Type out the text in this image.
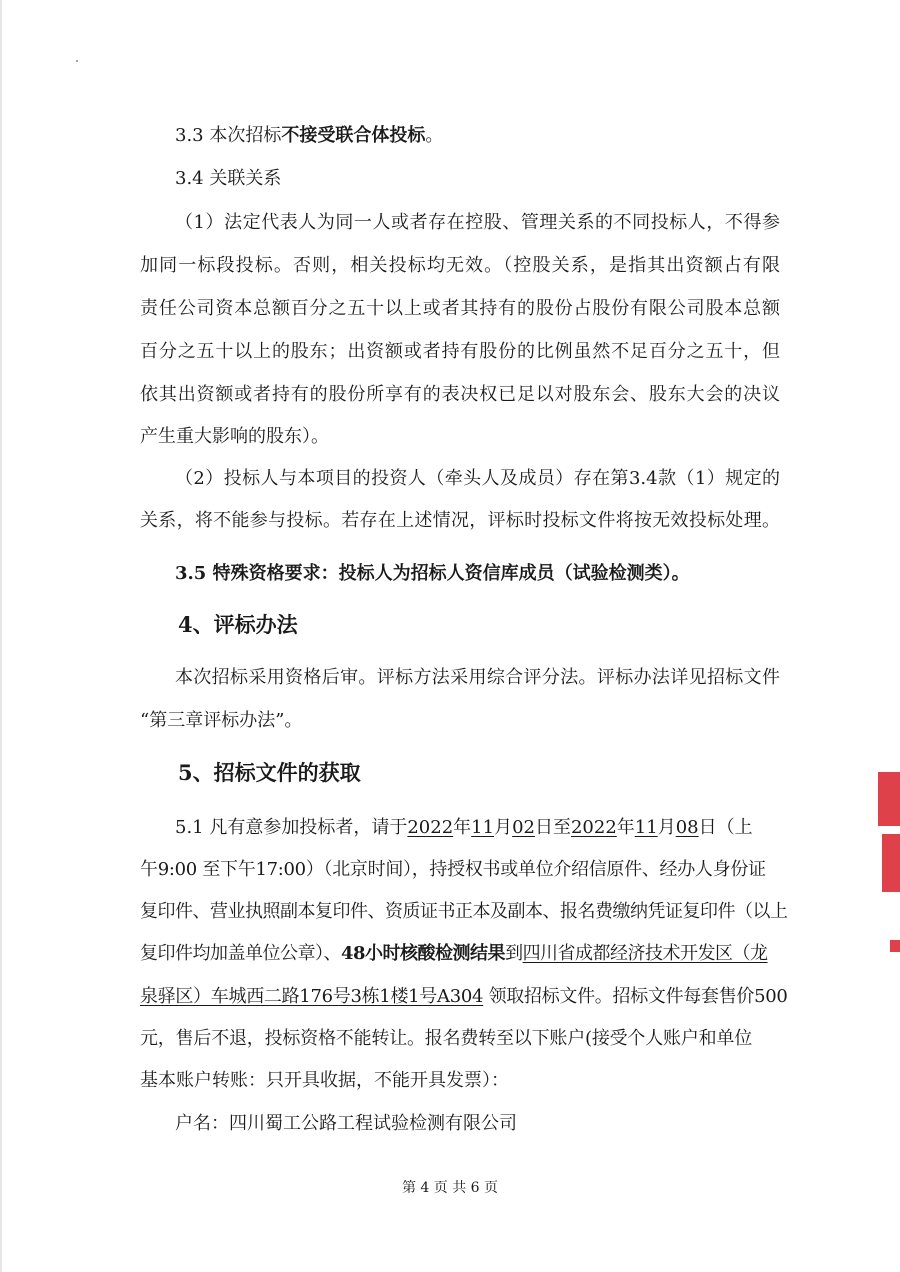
3.3 本次招标不接受联合体投标。
3.4 关联关系
（1）法定代表人为同一人或者存在控股、管理关系的不同投标人，不得参
加同一标段投标。否则，相关投标均无效。（控股关系，是指其出资额占有限
责任公司资本总额百分之五十以上或者其持有的股份占股份有限公司股本总额
百分之五十以上的股东；出资额或者持有股份的比例虽然不足百分之五十，但
依其出资额或者持有的股份所享有的表决权已足以对股东会、股东大会的决议
产生重大影响的股东）。
（2）投标人与本项目的投资人（牵头人及成员）存在第3.4款（1）规定的
关系，将不能参与投标。若存在上述情况，评标时投标文件将按无效投标处理。
3.5 特殊资格要求：投标人为招标人资信库成员（试验检测类）。
4、评标办法
本次招标采用资格后审。评标方法采用综合评分法。评标办法详见招标文件
“第三章评标办法”。
5、招标文件的获取
5.1 凡有意参加投标者，请于2022年11月02日至2022年11月08日（上
午9:00 至下午17:00）（北京时间），持授权书或单位介绍信原件、经办人身份证
复印件、营业执照副本复印件、资质证书正本及副本、报名费缴纳凭证复印件（以上
复印件均加盖单位公章）、48小时核酸检测结果到四川省成都经济技术开发区（龙
泉驿区）车城西二路176号3栋1楼1号A304 领取招标文件。招标文件每套售价500
元，售后不退，投标资格不能转让。报名费转至以下账户(接受个人账户和单位
基本账户转账：只开具收据，不能开具发票）：
户名：四川蜀工公路工程试验检测有限公司
第 4 页 共 6 页
